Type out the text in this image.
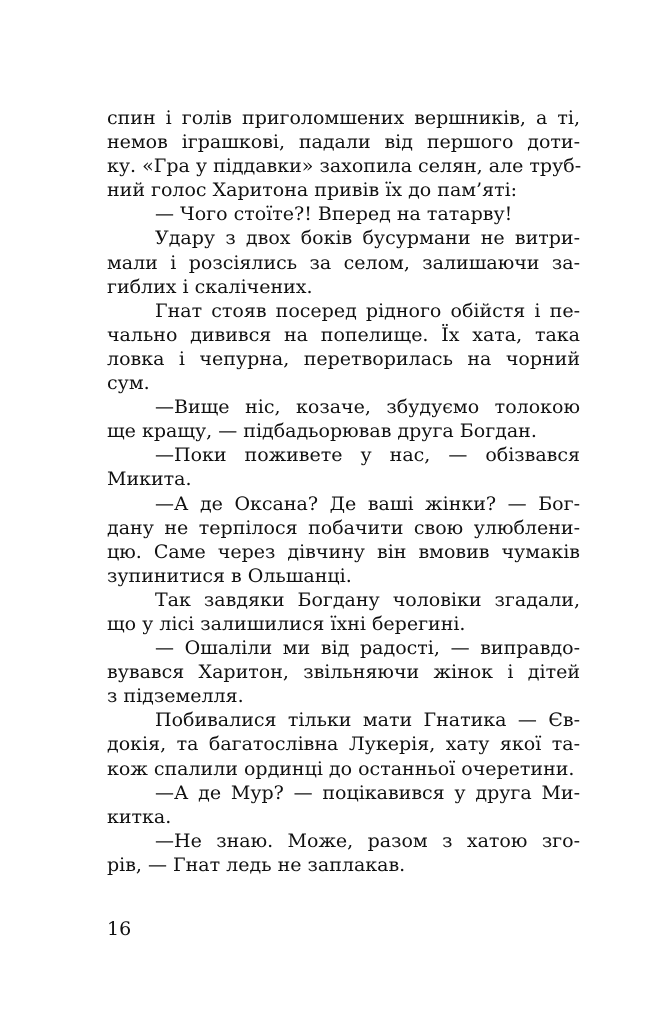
спин і голів приголомшених вершників, а ті,
немов іграшкові, падали від першого доти-
ку. «Гра у піддавки» захопила селян, але труб-
ний голос Харитона привів їх до пам’яті:
— Чого стоїте?! Вперед на татарву!
Удару з двох боків бусурмани не витри-
мали і розсіялись за селом, залишаючи за-
гиблих і скалічених.
Гнат стояв посеред рідного обійстя і пе-
чально дивився на попелище. Їх хата, така
ловка і чепурна, перетворилась на чорний
сум.
—Вище ніс, козаче, збудуємо толокою
ще кращу, — підбадьорював друга Богдан.
—Поки поживете у нас, — обізвався
Микита.
—А де Оксана? Де ваші жінки? — Бог-
дану не терпілося побачити свою улюблени-
цю. Саме через дівчину він вмовив чумаків
зупинитися в Ольшанці.
Так завдяки Богдану чоловіки згадали,
що у лісі залишилися їхні берегині.
— Ошаліли ми від радості, — виправдо-
вувався Харитон, звільняючи жінок і дітей
з підземелля.
Побивалися тільки мати Гнатика — Єв-
докія, та багатослівна Лукерія, хату якої та-
кож спалили ординці до останньої очеретини.
—А де Мур? — поцікавився у друга Ми-
китка.
—Не знаю. Може, разом з хатою зго-
рів, — Гнат ледь не заплакав.
16
